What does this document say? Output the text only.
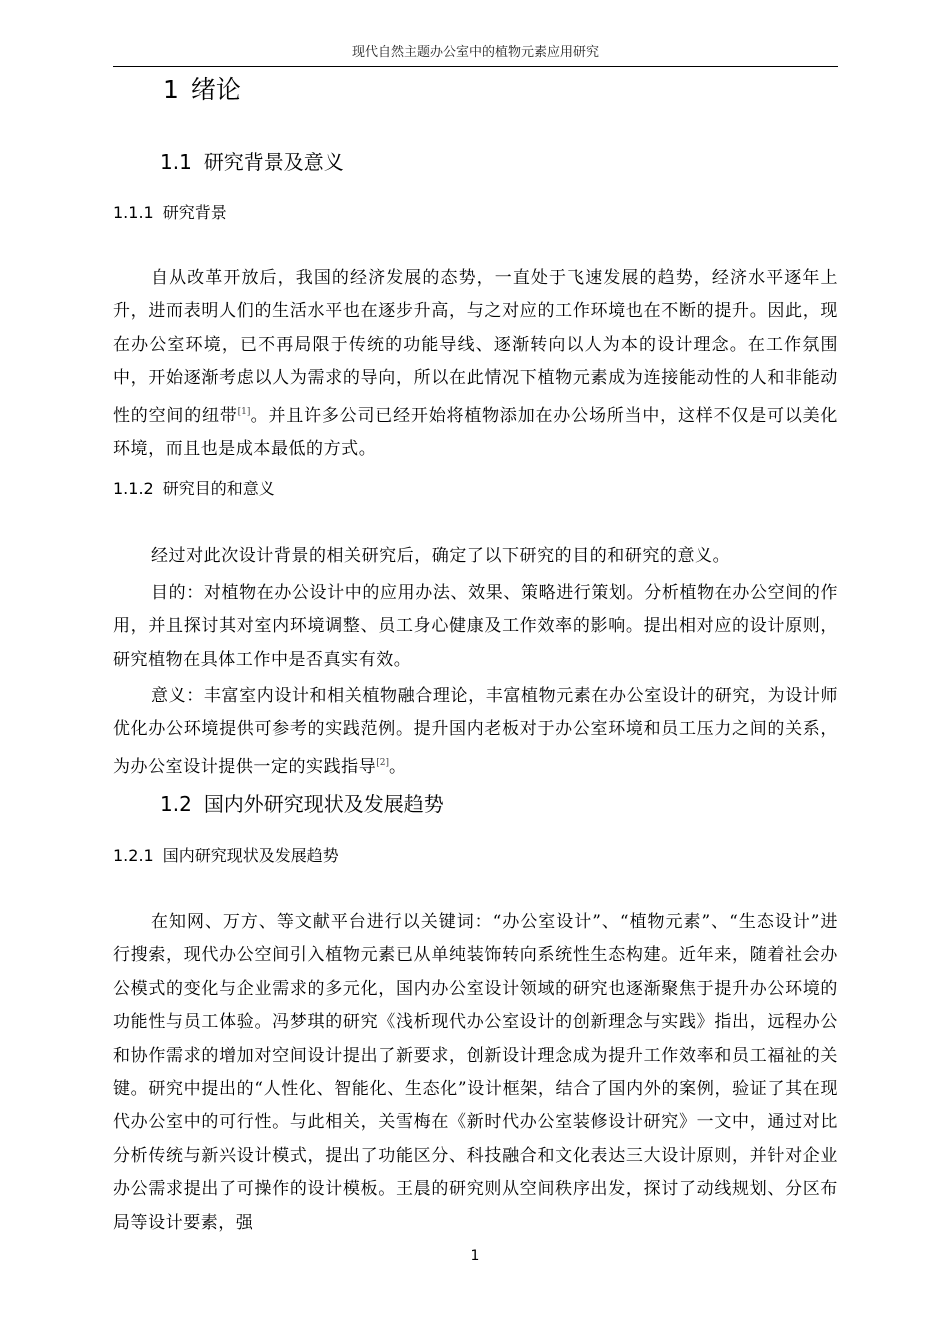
现代自然主题办公室中的植物元素应用研究
1 绪论
1.1 研究背景及意义
1.1.1 研究背景

自从改革开放后，我国的经济发展的态势，一直处于飞速发展的趋势，经济水平逐年上升，进而表明人们的生活水平也在逐步升高，与之对应的工作环境也在不断的提升。因此，现在办公室环境，已不再局限于传统的功能导线、逐渐转向以人为本的设计理念。在工作氛围中，开始逐渐考虑以人为需求的导向，所以在此情况下植物元素成为连接能动性的人和非能动性的空间的纽带[1]。并且许多公司已经开始将植物添加在办公场所当中，这样不仅是可以美化环境，而且也是成本最低的方式。

1.1.2 研究目的和意义

经过对此次设计背景的相关研究后，确定了以下研究的目的和研究的意义。

目的：对植物在办公设计中的应用办法、效果、策略进行策划。分析植物在办公空间的作用，并且探讨其对室内环境调整、员工身心健康及工作效率的影响。提出相对应的设计原则，研究植物在具体工作中是否真实有效。

意义：丰富室内设计和相关植物融合理论，丰富植物元素在办公室设计的研究，为设计师优化办公环境提供可参考的实践范例。提升国内老板对于办公室环境和员工压力之间的关系，为办公室设计提供一定的实践指导[2]。

1.2 国内外研究现状及发展趋势
1.2.1 国内研究现状及发展趋势

在知网、万方、等文献平台进行以关键词：“办公室设计”、“植物元素”、“生态设计”进行搜索，现代办公空间引入植物元素已从单纯装饰转向系统性生态构建。近年来，随着社会办公模式的变化与企业需求的多元化，国内办公室设计领域的研究也逐渐聚焦于提升办公环境的功能性与员工体验。冯梦琪的研究《浅析现代办公室设计的创新理念与实践》指出，远程办公和协作需求的增加对空间设计提出了新要求，创新设计理念成为提升工作效率和员工福祉的关键。研究中提出的“人性化、智能化、生态化”设计框架，结合了国内外的案例，验证了其在现代办公室中的可行性。与此相关，关雪梅在《新时代办公室装修设计研究》一文中，通过对比分析传统与新兴设计模式，提出了功能区分、科技融合和文化表达三大设计原则，并针对企业办公需求提出了可操作的设计模板。王晨的研究则从空间秩序出发，探讨了动线规划、分区布局等设计要素，强

1
